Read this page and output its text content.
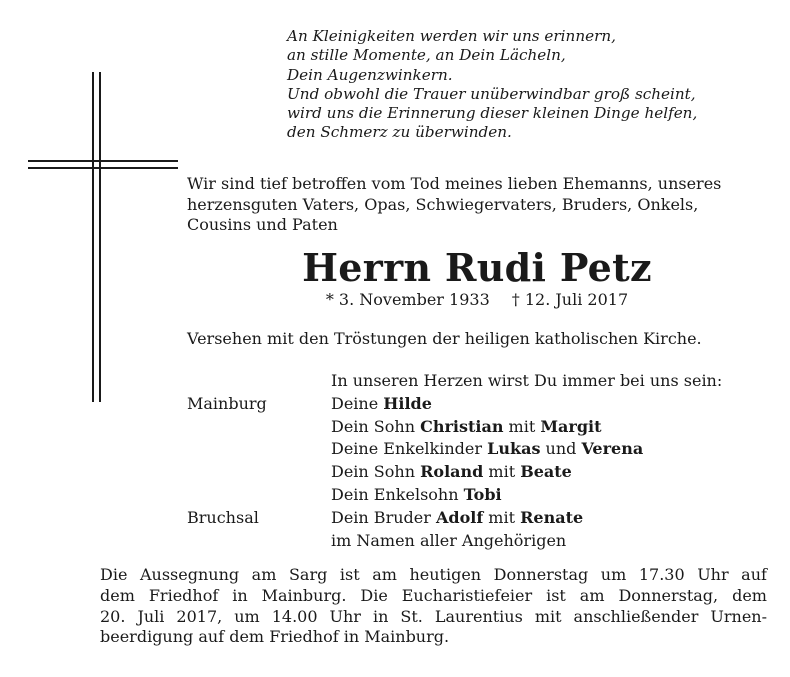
An Kleinigkeiten werden wir uns erinnern,
an stille Momente, an Dein Lächeln,
Dein Augenzwinkern.
Und obwohl die Trauer unüberwindbar groß scheint,
wird uns die Erinnerung dieser kleinen Dinge helfen,
den Schmerz zu überwinden.
Wir sind tief betroffen vom Tod meines lieben Ehemanns, unseres
herzensguten Vaters, Opas, Schwiegervaters, Bruders, Onkels,
Cousins und Paten
Herrn Rudi Petz
* 3. November 1933 † 12. Juli 2017
Versehen mit den Tröstungen der heiligen katholischen Kirche.
In unseren Herzen wirst Du immer bei uns sein:
Mainburg	Deine Hilde
Dein Sohn Christian mit Margit
Deine Enkelkinder Lukas und Verena
Dein Sohn Roland mit Beate
Dein Enkelsohn Tobi
Bruchsal	Dein Bruder Adolf mit Renate
im Namen aller Angehörigen
Die Aussegnung am Sarg ist am heutigen Donnerstag um 17.30 Uhr auf
dem Friedhof in Mainburg. Die Eucharistiefeier ist am Donnerstag, dem
20. Juli 2017, um 14.00 Uhr in St. Laurentius mit anschließender Urnen-
beerdigung auf dem Friedhof in Mainburg.
